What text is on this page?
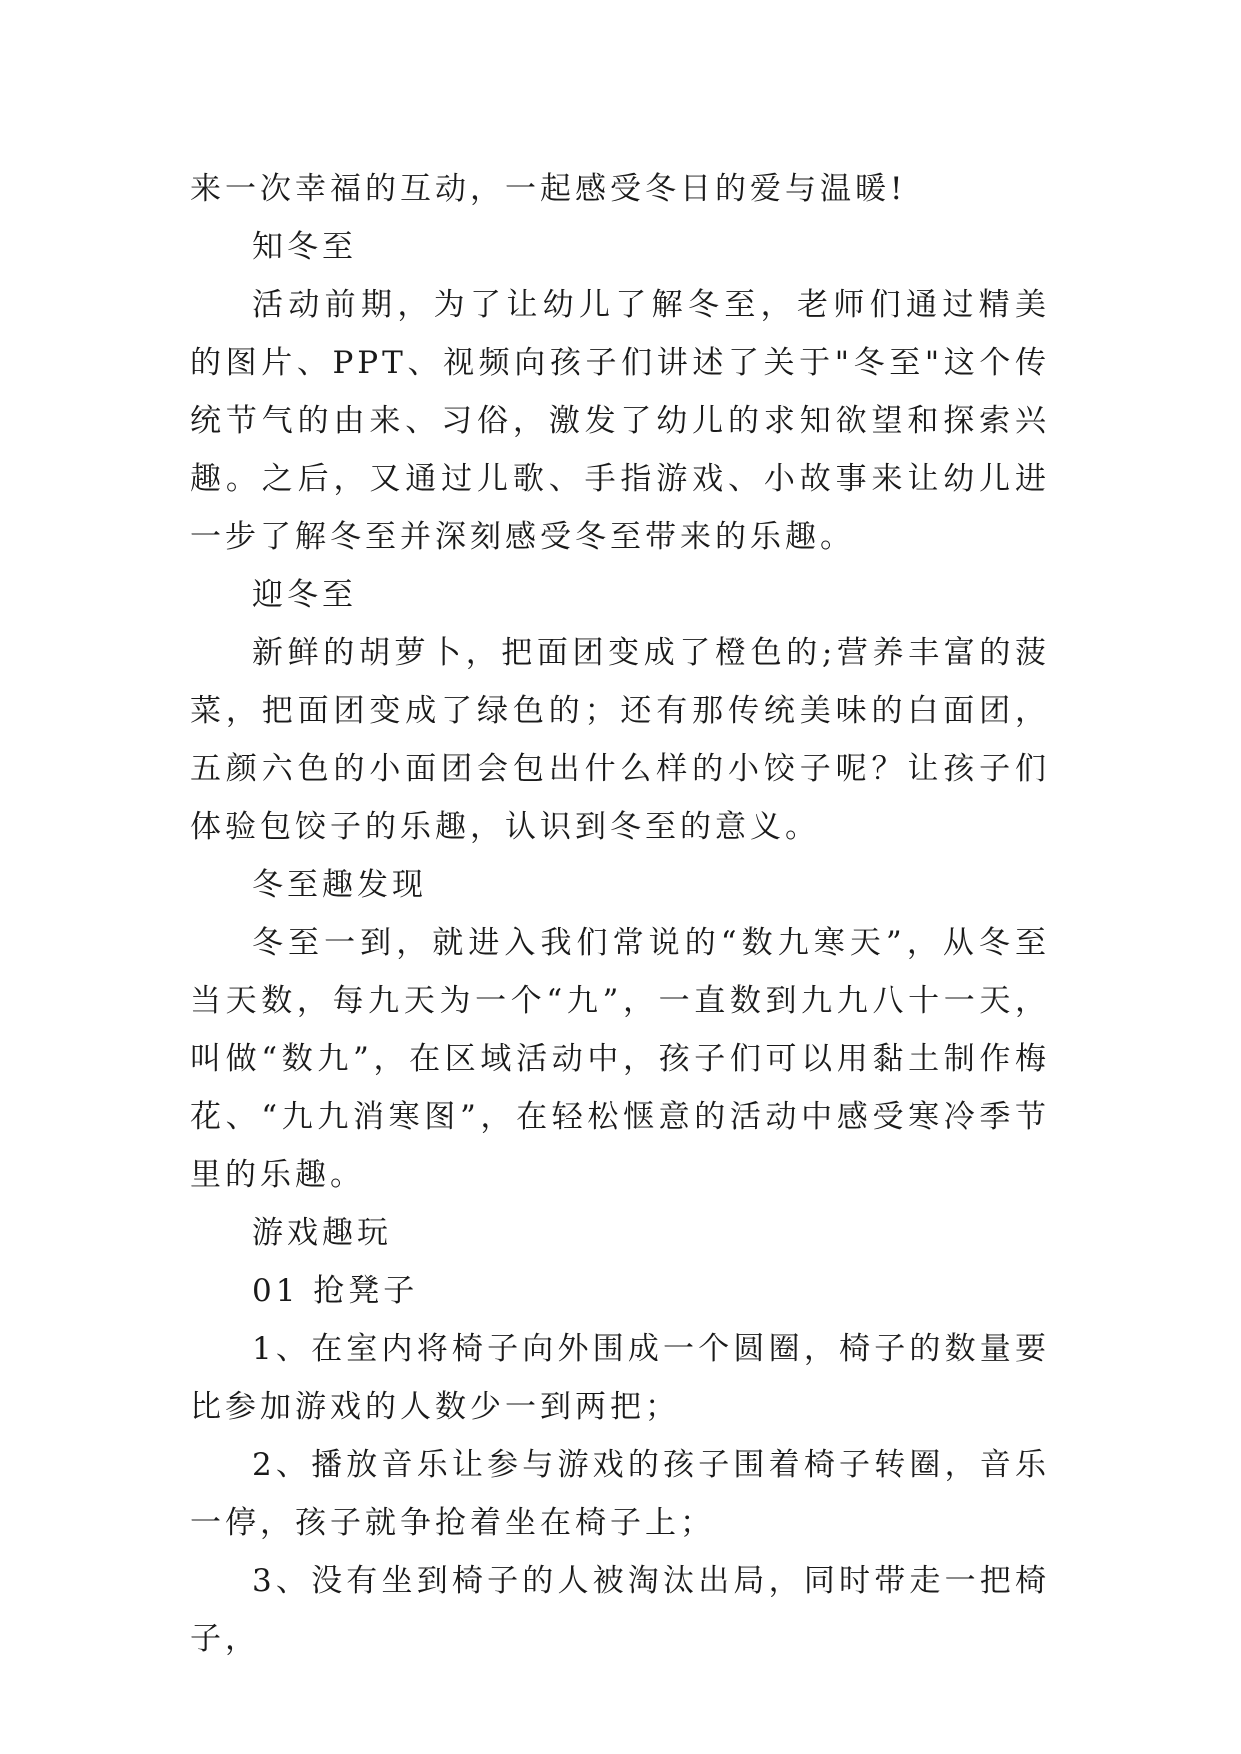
来一次幸福的互动，一起感受冬日的爱与温暖!

知冬至

活动前期，为了让幼儿了解冬至，老师们通过精美的图片、PPT、视频向孩子们讲述了关于"冬至"这个传统节气的由来、习俗，激发了幼儿的求知欲望和探索兴趣。之后，又通过儿歌、手指游戏、小故事来让幼儿进一步了解冬至并深刻感受冬至带来的乐趣。

迎冬至

新鲜的胡萝卜，把面团变成了橙色的;营养丰富的菠菜，把面团变成了绿色的；还有那传统美味的白面团，五颜六色的小面团会包出什么样的小饺子呢？让孩子们体验包饺子的乐趣，认识到冬至的意义。

冬至趣发现

冬至一到，就进入我们常说的“数九寒天”，从冬至当天数，每九天为一个“九”，一直数到九九八十一天，叫做“数九”，在区域活动中，孩子们可以用黏土制作梅花、“九九消寒图”，在轻松惬意的活动中感受寒冷季节里的乐趣。

游戏趣玩

01 抢凳子

1、在室内将椅子向外围成一个圆圈，椅子的数量要比参加游戏的人数少一到两把；

2、播放音乐让参与游戏的孩子围着椅子转圈，音乐一停，孩子就争抢着坐在椅子上；

3、没有坐到椅子的人被淘汰出局，同时带走一把椅子，
